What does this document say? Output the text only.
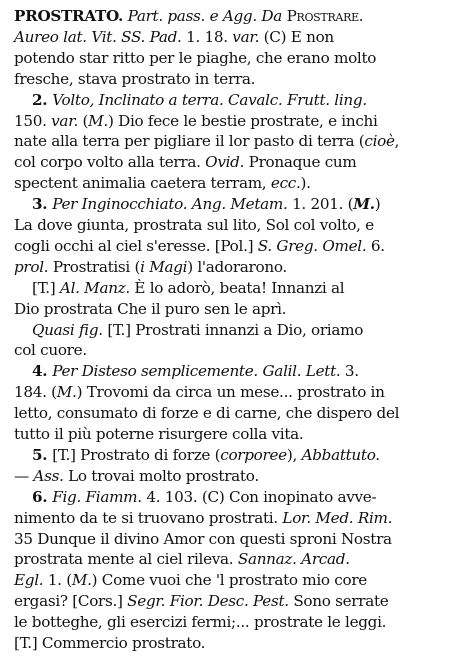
PROSTRATO. Part. pass. e Agg. Da Prostrare.
Aureo lat. Vit. SS. Pad. 1. 18. var. (C) E non
potendo star ritto per le piaghe, che erano molto
fresche, stava prostrato in terra.
2. Volto, Inclinato a terra. Cavalc. Frutt. ling.
150. var. (M.) Dio fece le bestie prostrate, e inchi
nate alla terra per pigliare il lor pasto di terra (cioè,
col corpo volto alla terra. Ovid. Pronaque cum
spectent animalia caetera terram, ecc.).
3. Per Inginocchiato. Ang. Metam. 1. 201. (M.)
La dove giunta, prostrata sul lito, Sol col volto, e
cogli occhi al ciel s'eresse. [Pol.] S. Greg. Omel. 6.
prol. Prostratisi (i Magi) l'adorarono.
[T.] Al. Manz. È lo adorò, beata! Innanzi al
Dio prostrata Che il puro sen le aprì.
Quasi fig. [T.] Prostrati innanzi a Dio, oriamo
col cuore.
4. Per Disteso semplicemente. Galil. Lett. 3.
184. (M.) Trovomi da circa un mese... prostrato in
letto, consumato di forze e di carne, che dispero del
tutto il più poterne risurgere colla vita.
5. [T.] Prostrato di forze (corporee), Abbattuto.
— Ass. Lo trovai molto prostrato.
6. Fig. Fiamm. 4. 103. (C) Con inopinato avve-
nimento da te si truovano prostrati. Lor. Med. Rim.
35 Dunque il divino Amor con questi sproni Nostra
prostrata mente al ciel rileva. Sannaz. Arcad.
Egl. 1. (M.) Come vuoi che 'l prostrato mio core
ergasi? [Cors.] Segr. Fior. Desc. Pest. Sono serrate
le botteghe, gli esercizi fermi;... prostrate le leggi.
[T.] Commercio prostrato.
